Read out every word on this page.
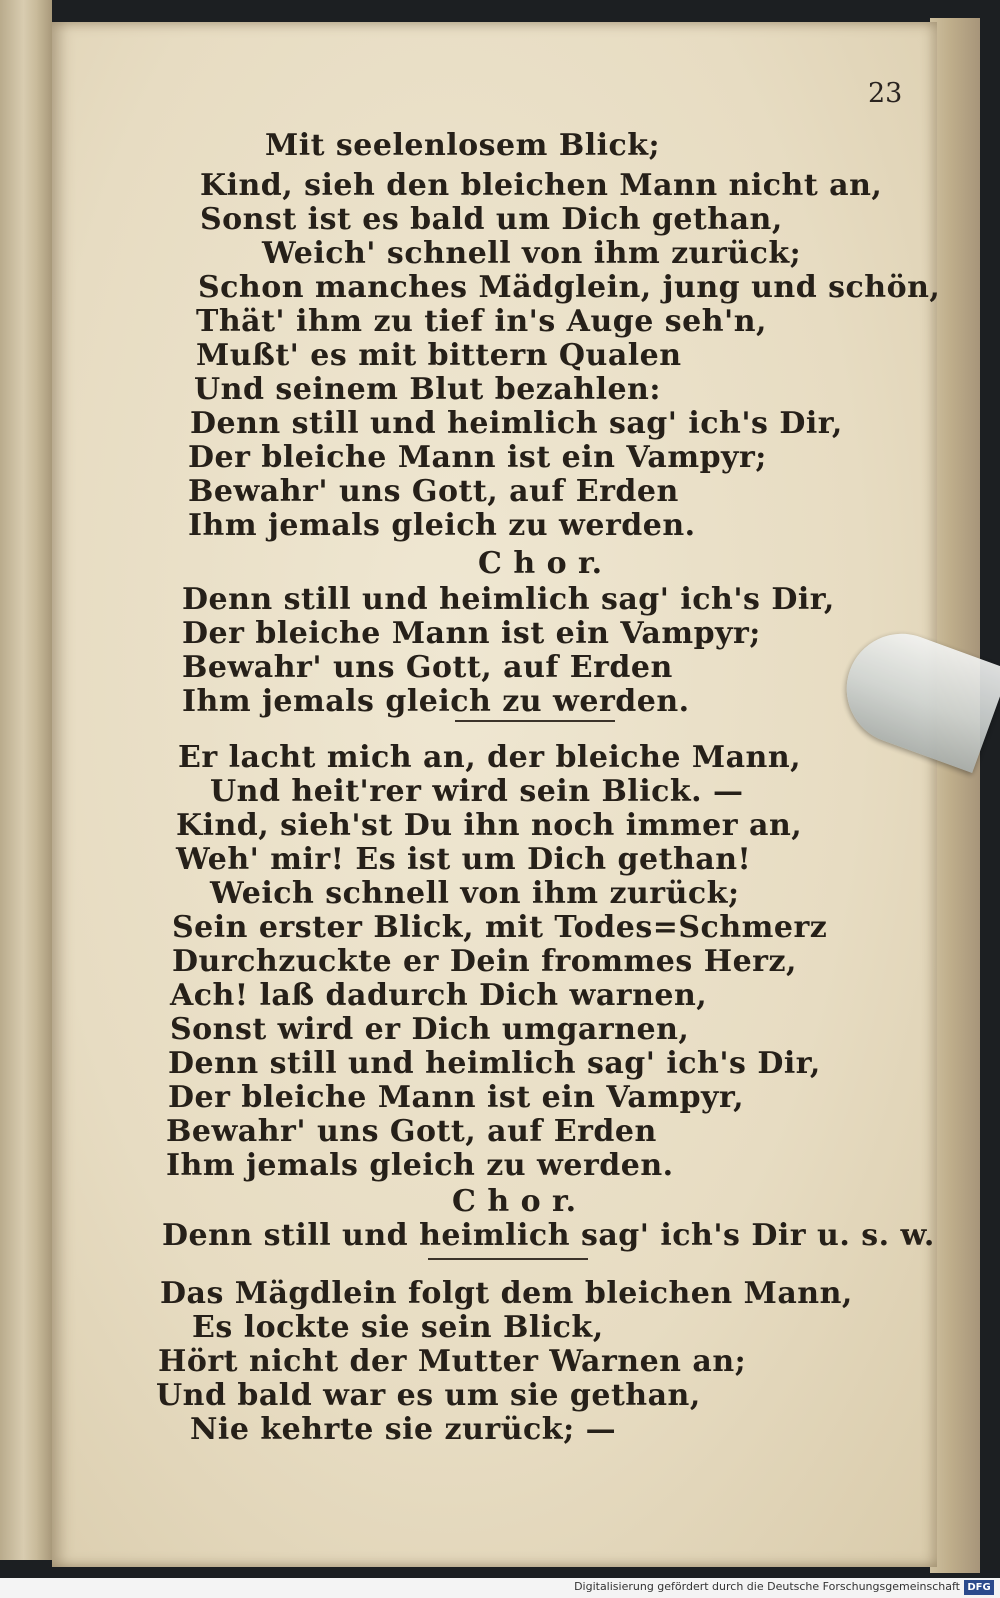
23
Mit seelenlosem Blick;
Kind, sieh den bleichen Mann nicht an,
Sonst ist es bald um Dich gethan,
Weich' schnell von ihm zurück;
Schon manches Mädglein, jung und schön,
Thät' ihm zu tief in's Auge seh'n,
Mußt' es mit bittern Qualen
Und seinem Blut bezahlen:
Denn still und heimlich sag' ich's Dir,
Der bleiche Mann ist ein Vampyr;
Bewahr' uns Gott, auf Erden
Ihm jemals gleich zu werden.
C h o r.
Denn still und heimlich sag' ich's Dir,
Der bleiche Mann ist ein Vampyr;
Bewahr' uns Gott, auf Erden
Ihm jemals gleich zu werden.
Er lacht mich an, der bleiche Mann,
Und heit'rer wird sein Blick. —
Kind, sieh'st Du ihn noch immer an,
Weh' mir! Es ist um Dich gethan!
Weich schnell von ihm zurück;
Sein erster Blick, mit Todes=Schmerz
Durchzuckte er Dein frommes Herz,
Ach! laß dadurch Dich warnen,
Sonst wird er Dich umgarnen,
Denn still und heimlich sag' ich's Dir,
Der bleiche Mann ist ein Vampyr,
Bewahr' uns Gott, auf Erden
Ihm jemals gleich zu werden.
C h o r.
Denn still und heimlich sag' ich's Dir u. s. w.
Das Mägdlein folgt dem bleichen Mann,
Es lockte sie sein Blick,
Hört nicht der Mutter Warnen an;
Und bald war es um sie gethan,
Nie kehrte sie zurück; —
Digitalisierung gefördert durch die Deutsche Forschungsgemeinschaft DFG
